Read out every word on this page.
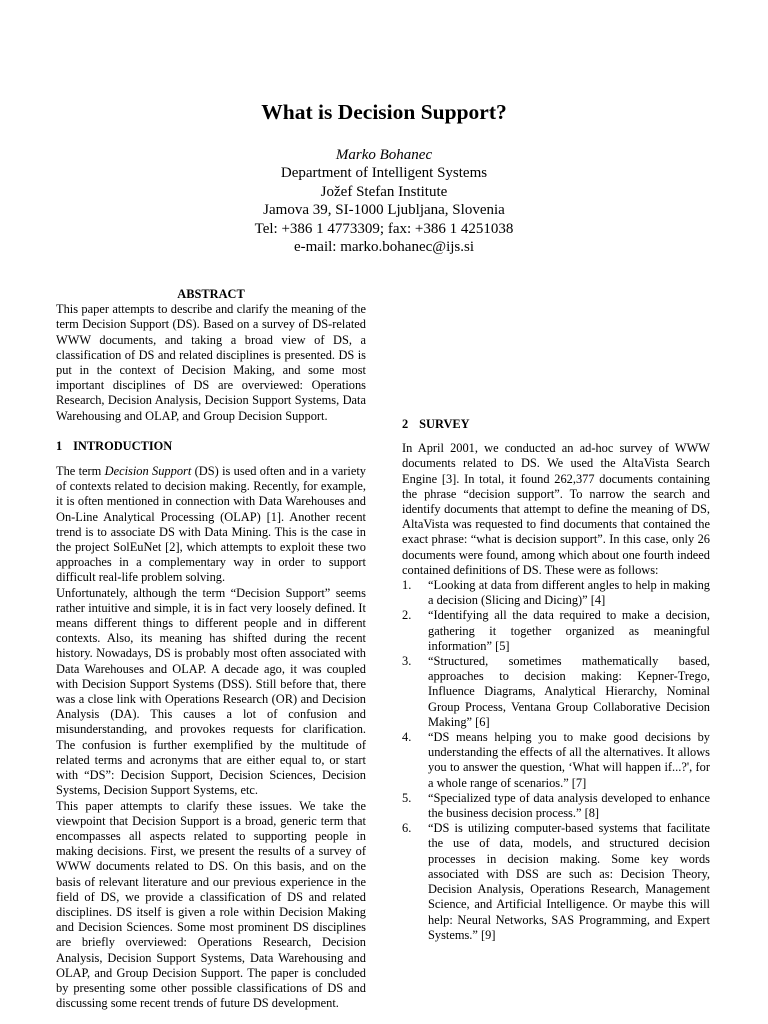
What is Decision Support?
Marko Bohanec
Department of Intelligent Systems
Jožef Stefan Institute
Jamova 39, SI-1000 Ljubljana, Slovenia
Tel: +386 1 4773309; fax: +386 1 4251038
e-mail: marko.bohanec@ijs.si

ABSTRACT

This paper attempts to describe and clarify the meaning of the term Decision Support (DS). Based on a survey of DS-related WWW documents, and taking a broad view of DS, a classification of DS and related disciplines is presented. DS is put in the context of Decision Making, and some most important disciplines of DS are overviewed: Operations Research, Decision Analysis, Decision Support Systems, Data Warehousing and OLAP, and Group Decision Support.

1 INTRODUCTION

The term Decision Support (DS) is used often and in a variety of contexts related to decision making. Recently, for example, it is often mentioned in connection with Data Warehouses and On-Line Analytical Processing (OLAP) [1]. Another recent trend is to associate DS with Data Mining. This is the case in the project SolEuNet [2], which attempts to exploit these two approaches in a complementary way in order to support difficult real-life problem solving.

Unfortunately, although the term “Decision Support” seems rather intuitive and simple, it is in fact very loosely defined. It means different things to different people and in different contexts. Also, its meaning has shifted during the recent history. Nowadays, DS is probably most often associated with Data Warehouses and OLAP. A decade ago, it was coupled with Decision Support Systems (DSS). Still before that, there was a close link with Operations Research (OR) and Decision Analysis (DA). This causes a lot of confusion and misunderstanding, and provokes requests for clarification. The confusion is further exemplified by the multitude of related terms and acronyms that are either equal to, or start with “DS”: Decision Support, Decision Sciences, Decision Systems, Decision Support Systems, etc.

This paper attempts to clarify these issues. We take the viewpoint that Decision Support is a broad, generic term that encompasses all aspects related to supporting people in making decisions. First, we present the results of a survey of WWW documents related to DS. On this basis, and on the basis of relevant literature and our previous experience in the field of DS, we provide a classification of DS and related disciplines. DS itself is given a role within Decision Making and Decision Sciences. Some most prominent DS disciplines are briefly overviewed: Operations Research, Decision Analysis, Decision Support Systems, Data Warehousing and OLAP, and Group Decision Support. The paper is concluded by presenting some other possible classifications of DS and discussing some recent trends of future DS development.

2 SURVEY

In April 2001, we conducted an ad-hoc survey of WWW documents related to DS. We used the AltaVista Search Engine [3]. In total, it found 262,377 documents containing the phrase “decision support”. To narrow the search and identify documents that attempt to define the meaning of DS, AltaVista was requested to find documents that contained the exact phrase: “what is decision support”. In this case, only 26 documents were found, among which about one fourth indeed contained definitions of DS. These were as follows:

1. “Looking at data from different angles to help in making a decision (Slicing and Dicing)” [4]
2. “Identifying all the data required to make a decision, gathering it together organized as meaningful information” [5]
3. “Structured, sometimes mathematically based, approaches to decision making: Kepner-Trego, Influence Diagrams, Analytical Hierarchy, Nominal Group Process, Ventana Group Collaborative Decision Making” [6]
4. “DS means helping you to make good decisions by understanding the effects of all the alternatives. It allows you to answer the question, ‘What will happen if...?', for a whole range of scenarios.” [7]
5. “Specialized type of data analysis developed to enhance the business decision process.” [8]
6. “DS is utilizing computer-based systems that facilitate the use of data, models, and structured decision processes in decision making. Some key words associated with DSS are such as: Decision Theory, Decision Analysis, Operations Research, Management Science, and Artificial Intelligence. Or maybe this will help: Neural Networks, SAS Programming, and Expert Systems.” [9]
